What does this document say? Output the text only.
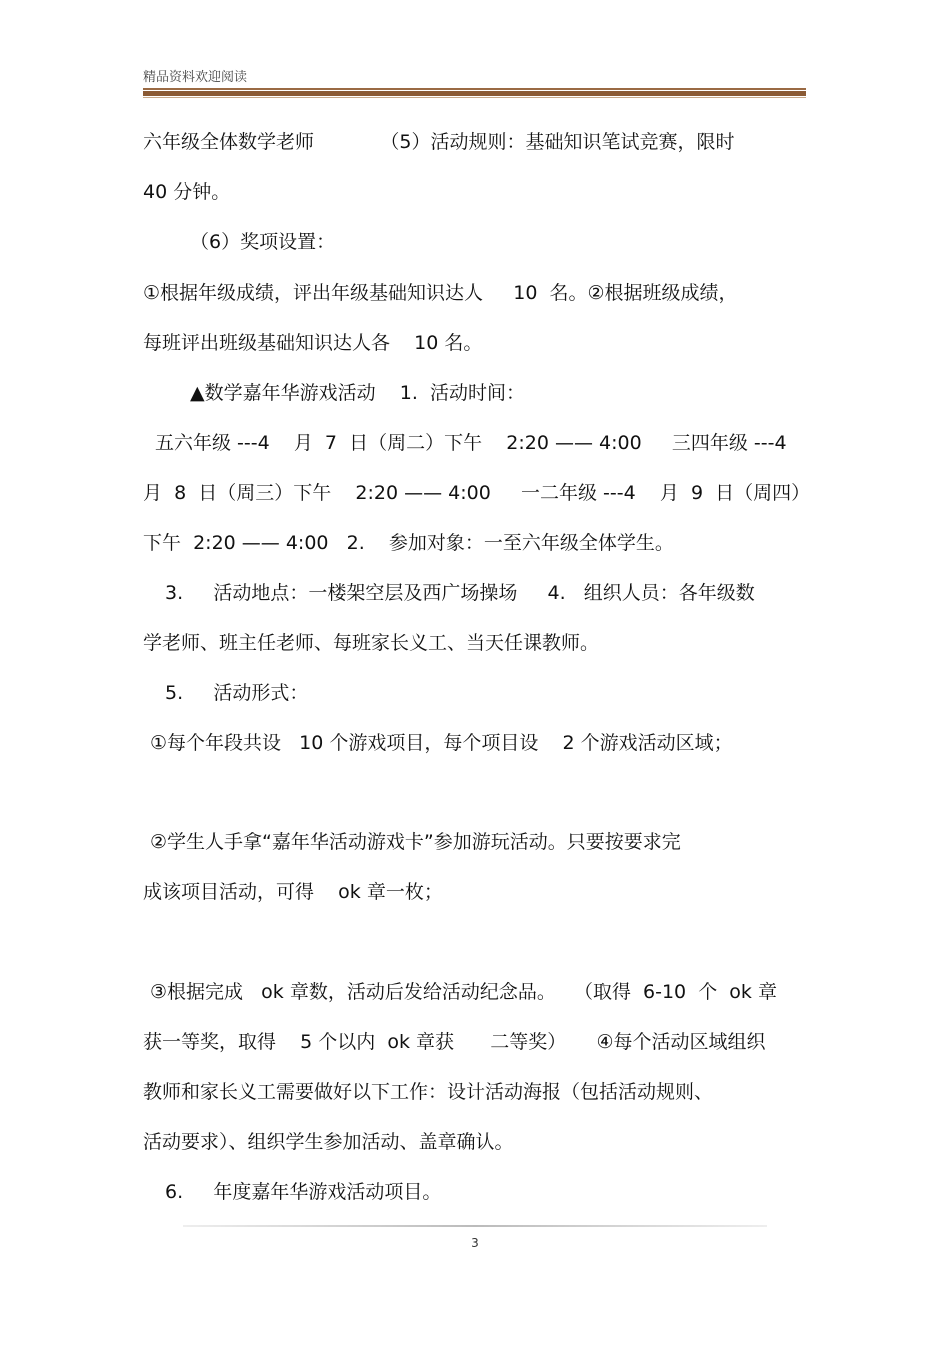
精品资料欢迎阅读
六年级全体数学老师           （5）活动规则：基础知识笔试竞赛，限时
40 分钟。
（6）奖项设置：
①根据年级成绩，评出年级基础知识达人     10  名。②根据班级成绩，
每班评出班级基础知识达人各    10 名。
▲数学嘉年华游戏活动    1.  活动时间：
五六年级 ---4    月  7  日（周二）下午    2:20 —— 4:00     三四年级 ---4
月  8  日（周三）下午    2:20 —— 4:00     一二年级 ---4    月  9  日（周四）
下午  2:20 —— 4:00   2.    参加对象：一至六年级全体学生。
3.     活动地点：一楼架空层及西广场操场     4.   组织人员：各年级数
学老师、班主任老师、每班家长义工、当天任课教师。
5.     活动形式：
①每个年段共设   10 个游戏项目，每个项目设    2 个游戏活动区域；
②学生人手拿“嘉年华活动游戏卡”参加游玩活动。只要按要求完
成该项目活动，可得    ok 章一枚；
③根据完成   ok 章数，活动后发给活动纪念品。   （取得  6-10  个  ok 章
获一等奖，取得    5 个以内  ok 章获      二等奖）     ④每个活动区域组织
教师和家长义工需要做好以下工作：设计活动海报（包括活动规则、
活动要求）、组织学生参加活动、盖章确认。
6.     年度嘉年华游戏活动项目。
3
